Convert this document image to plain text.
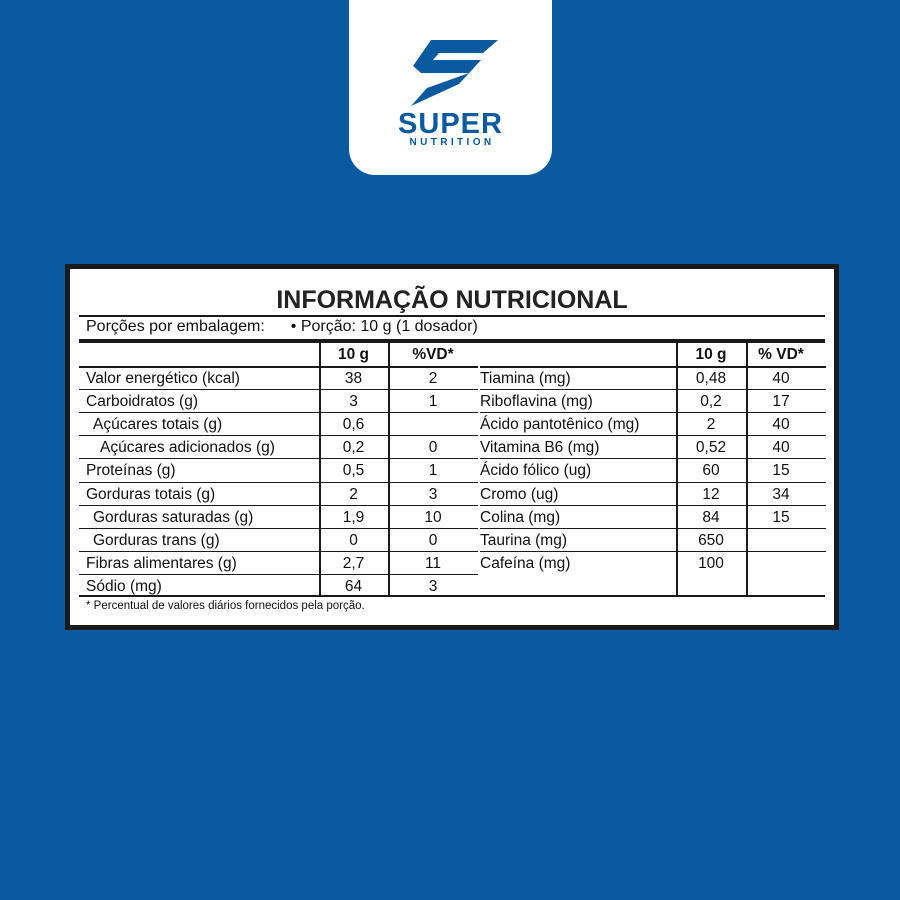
SUPER
NUTRITION
INFORMAÇÃO NUTRICIONAL
Porções por embalagem: • Porção: 10 g (1 dosador)
10 g	%VD*
Valor energético (kcal)	38	2
Carboidratos (g)	3	1
Açúcares totais (g)	0,6
Açúcares adicionados (g)	0,2	0
Proteínas (g)	0,5	1
Gorduras totais (g)	2	3
Gorduras saturadas (g)	1,9	10
Gorduras trans (g)	0	0
Fibras alimentares (g)	2,7	11
Sódio (mg)	64	3
10 g	% VD*
Tiamina (mg)	0,48	40
Riboflavina (mg)	0,2	17
Ácido pantotênico (mg)	2	40
Vitamina B6 (mg)	0,52	40
Ácido fólico (ug)	60	15
Cromo (ug)	12	34
Colina (mg)	84	15
Taurina (mg)	650
Cafeína (mg)	100
* Percentual de valores diários fornecidos pela porção.
